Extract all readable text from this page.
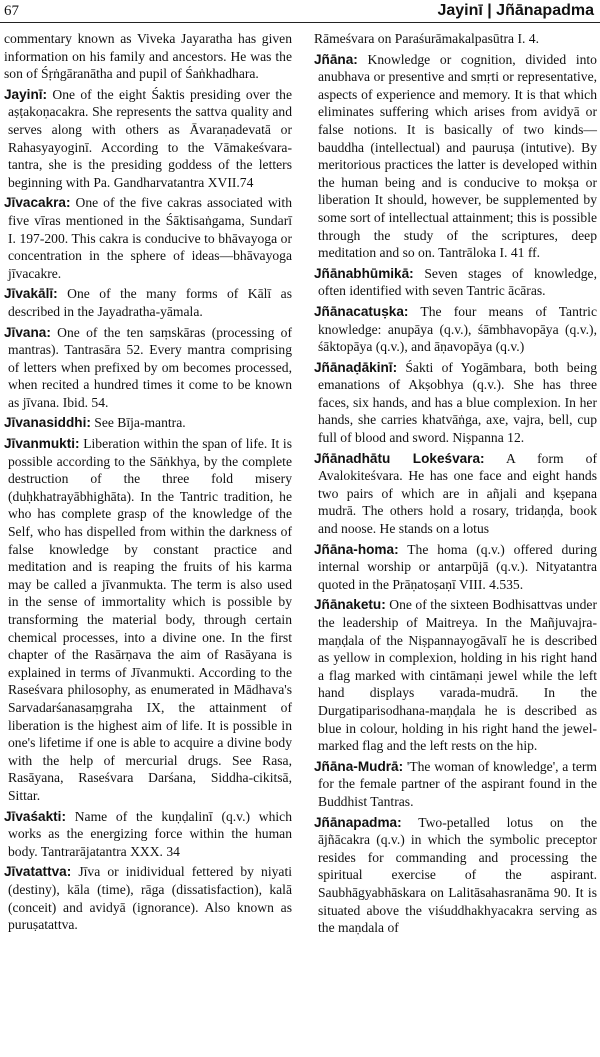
67	Jayinī | Jñānapadma

commentary known as Viveka Jayaratha has given information on his family and ancestors. He was the son of Śṛṅgāranātha and pupil of Śaṅkhadhara.

Jayinī: One of the eight Śaktis presiding over the aṣṭakoṇacakra. She represents the sattva quality and serves along with others as Āvaraṇadevatā or Rahasyayoginī. According to the Vāmakeśvara-tantra, she is the presiding goddess of the letters beginning with Pa. Gandharvatantra XVII.74

Jīvacakra: One of the five cakras associated with five vīras mentioned in the Śāktisaṅgama, Sundarī I. 197-200. This cakra is conducive to bhāvayoga or concentration in the sphere of ideas—bhāvayoga jīvacakre.

Jīvakālī: One of the many forms of Kālī as described in the Jayadratha-yāmala.

Jīvana: One of the ten saṃskāras (processing of mantras). Tantrasāra 52. Every mantra comprising of letters when prefixed by om becomes processed, when recited a hundred times it come to be known as jīvana. Ibid. 54.

Jīvanasiddhi: See Bīja-mantra.

Jīvanmukti: Liberation within the span of life. It is possible according to the Sāṅkhya, by the complete destruction of the three fold misery (duḥkhatrayābhighāta). In the Tantric tradition, he who has complete grasp of the knowledge of the Self, who has dispelled from within the darkness of false knowledge by constant practice and meditation and is reaping the fruits of his karma may be called a jīvanmukta. The term is also used in the sense of immortality which is possible by transforming the material body, through certain chemical processes, into a divine one. In the first chapter of the Rasārṇava the aim of Rasāyana is explained in terms of Jīvanmukti. According to the Raseśvara philosophy, as enumerated in Mādhava's Sarvadarśanasaṃgraha IX, the attainment of liberation is the highest aim of life. It is possible in one's lifetime if one is able to acquire a divine body with the help of mercurial drugs. See Rasa, Rasāyana, Raseśvara Darśana, Siddha-cikitsā, Sittar.

Jīvaśakti: Name of the kuṇḍalinī (q.v.) which works as the energizing force within the human body. Tantrarājatantra XXX. 34

Jīvatattva: Jīva or inidividual fettered by niyati (destiny), kāla (time), rāga (dissatisfaction), kalā (conceit) and avidyā (ignorance). Also known as puruṣatattva.

Rāmeśvara on Paraśurāmakalpasūtra I. 4.

Jñāna: Knowledge or cognition, divided into anubhava or presentive and smṛti or representative, aspects of experience and memory. It is that which eliminates suffering which arises from avidyā or false notions. It is basically of two kinds—bauddha (intellectual) and pauruṣa (intutive). By meritorious practices the latter is developed within the human being and is conducive to mokṣa or liberation It should, however, be supplemented by some sort of intellectual attainment; this is possible through the study of the scriptures, deep meditation and so on. Tantrāloka I. 41 ff.

Jñānabhūmikā: Seven stages of knowledge, often identified with seven Tantric ācāras.

Jñānacatuṣka: The four means of Tantric knowledge: anupāya (q.v.), śāmbhavopāya (q.v.), śāktopāya (q.v.), and āṇavopāya (q.v.)

Jñānaḍākinī: Śakti of Yogāmbara, both being emanations of Akṣobhya (q.v.). She has three faces, six hands, and has a blue complexion. In her hands, she carries khatvāṅga, axe, vajra, bell, cup full of blood and sword. Niṣpanna 12.

Jñānadhātu Lokeśvara: A form of Avalokiteśvara. He has one face and eight hands two pairs of which are in añjali and kṣepana mudrā. The others hold a rosary, tridaṇḍa, book and noose. He stands on a lotus

Jñāna-homa: The homa (q.v.) offered during internal worship or antarpūjā (q.v.). Nityatantra quoted in the Prāṇatoṣaṇī VIII. 4.535.

Jñānaketu: One of the sixteen Bodhisattvas under the leadership of Maitreya. In the Mañjuvajra-maṇḍala of the Niṣpannayogāvalī he is described as yellow in complexion, holding in his right hand a flag marked with cintāmaṇi jewel while the left hand displays varada-mudrā. In the Durgatiparisodhana-maṇḍala he is described as blue in colour, holding in his right hand the jewel-marked flag and the left rests on the hip.

Jñāna-Mudrā: 'The woman of knowledge', a term for the female partner of the aspirant found in the Buddhist Tantras.

Jñānapadma: Two-petalled lotus on the ājñācakra (q.v.) in which the symbolic preceptor resides for commanding and processing the spiritual exercise of the aspirant. Saubhāgyabhāskara on Lalitāsahasranāma 90. It is situated above the viśuddhakhyacakra serving as the maṇdala of
